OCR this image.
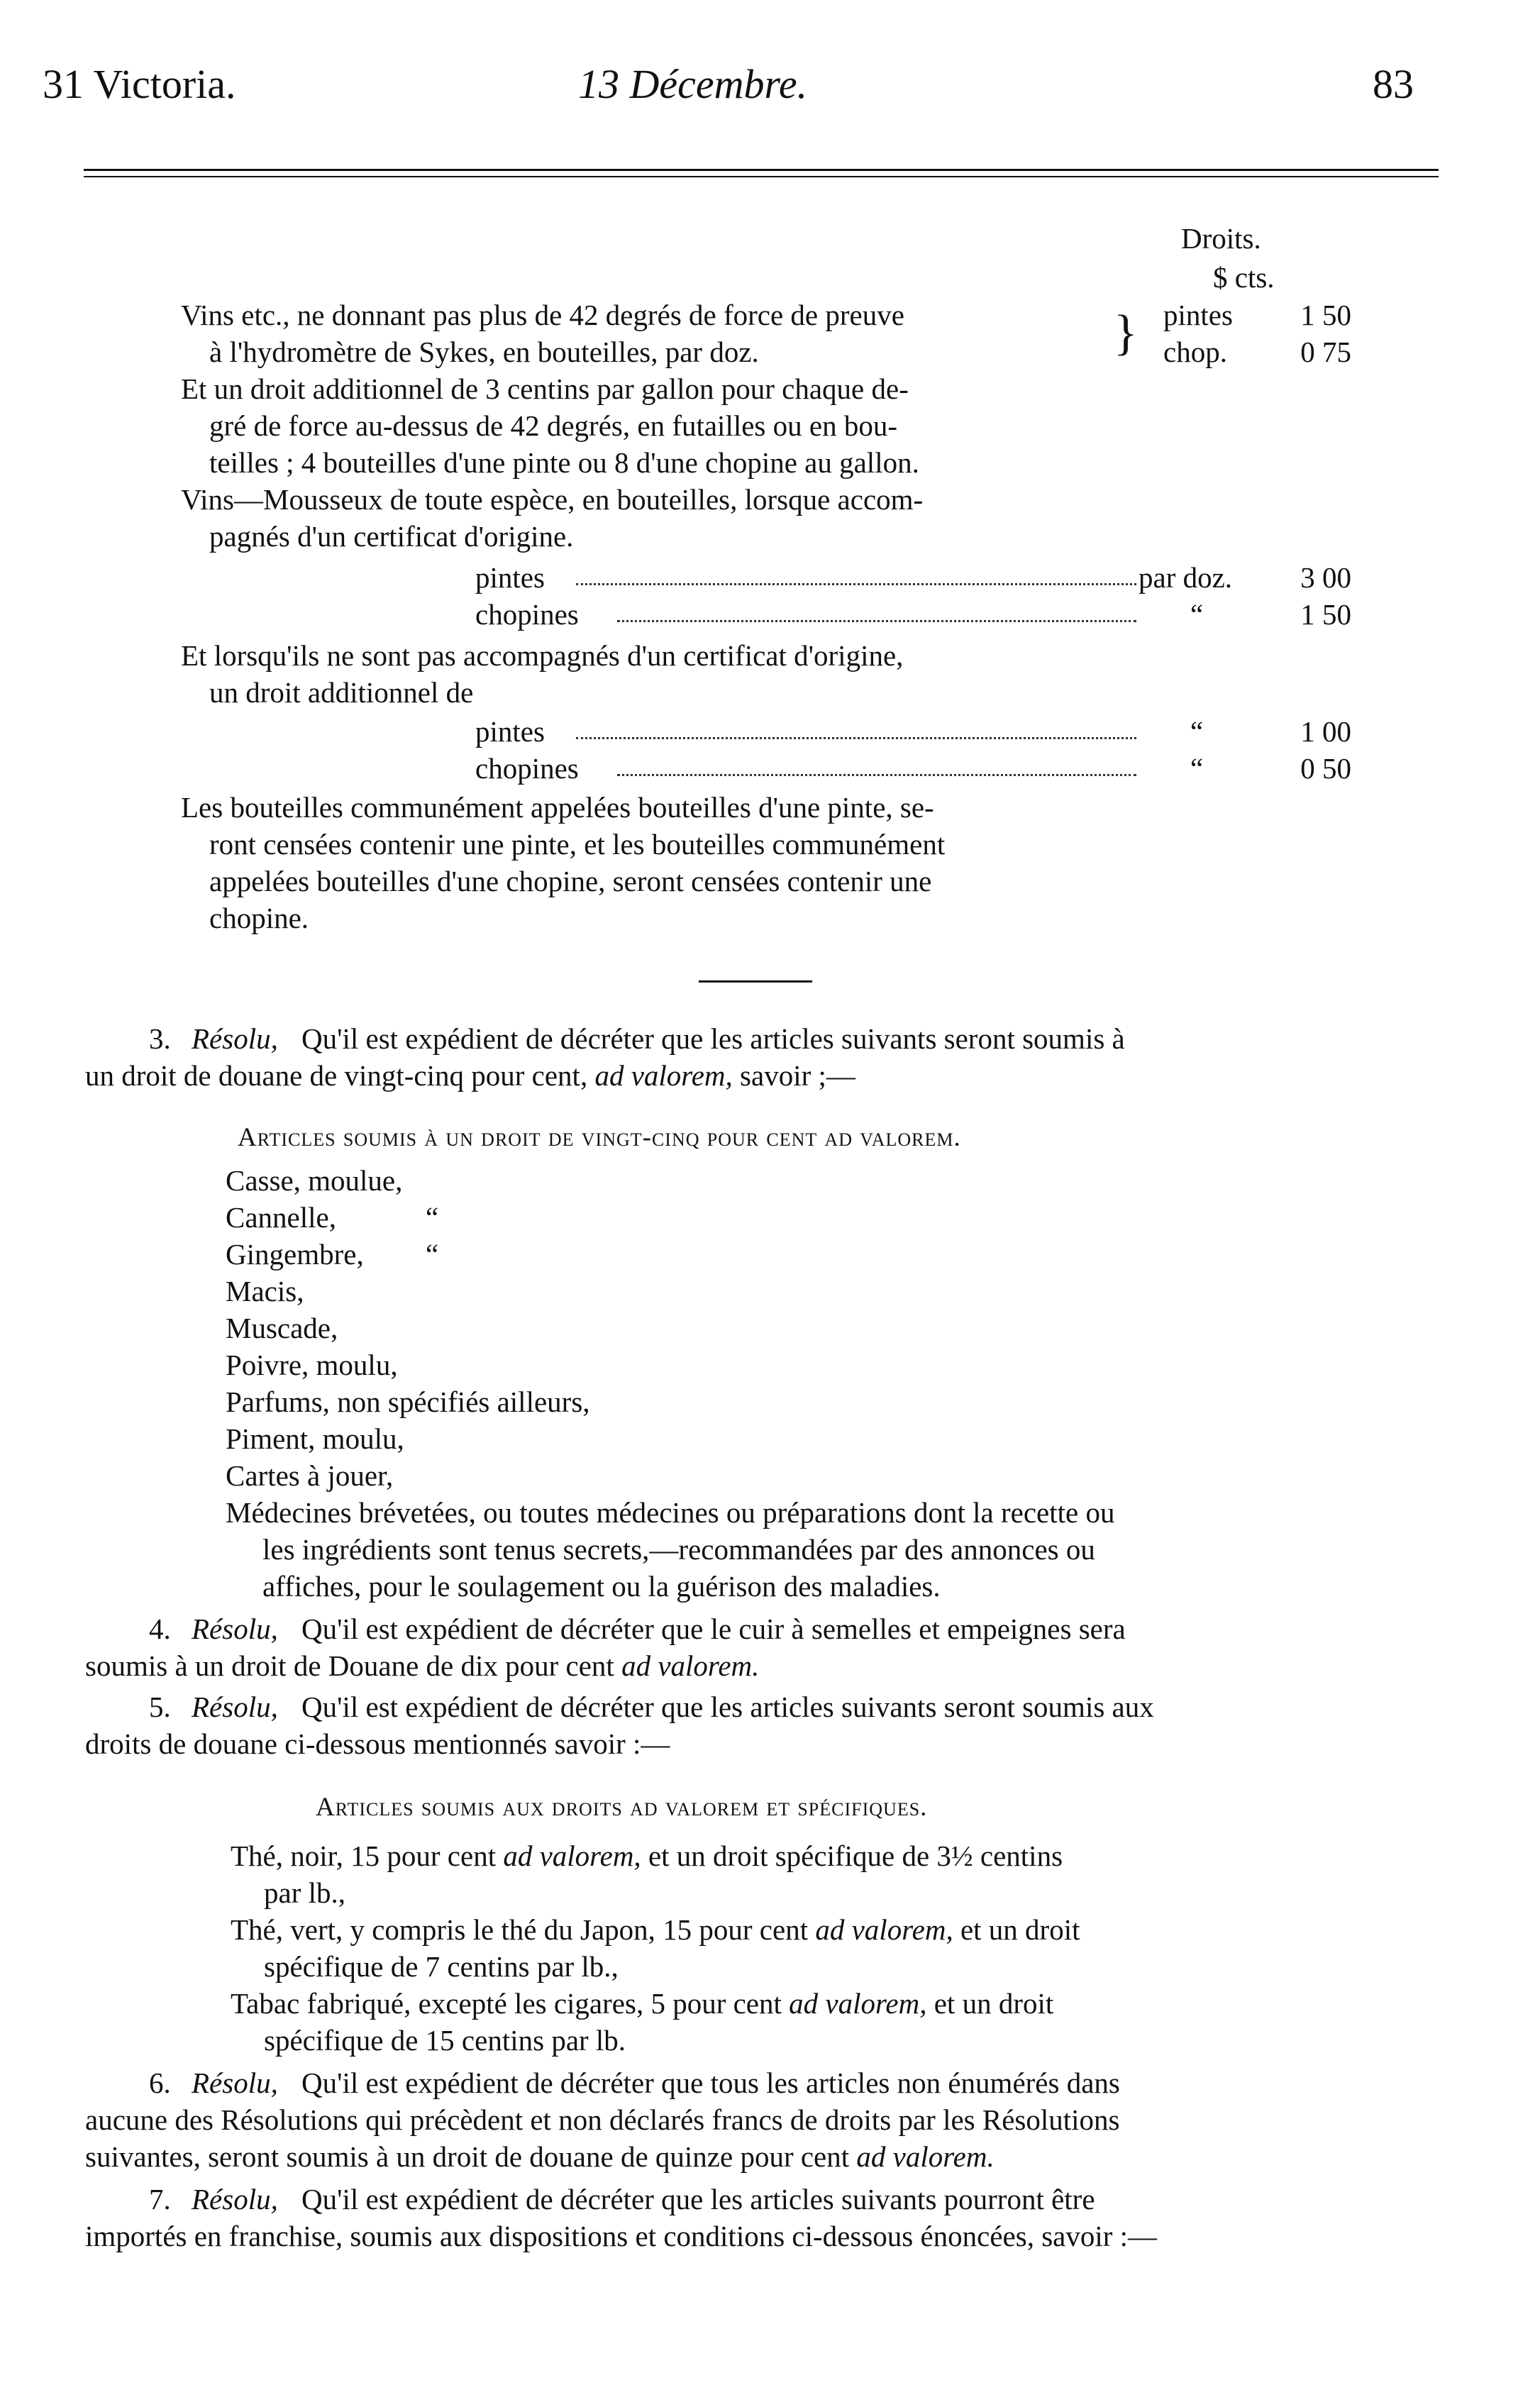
31 Victoria.	13 Décembre.	83
Droits.
$ cts.
Vins etc., ne donnant pas plus de 42 degrés de force de preuve
à l'hydromètre de Sykes, en bouteilles, par doz.	} pintes	1 50
chop.	0 75
Et un droit additionnel de 3 centins par gallon pour chaque de-
gré de force au-dessus de 42 degrés, en futailles ou en bou-
teilles ; 4 bouteilles d'une pinte ou 8 d'une chopine au gallon.
Vins—Mousseux de toute espèce, en bouteilles, lorsque accom-
pagnés d'un certificat d'origine.
pintes	par doz.	3 00
chopines	“	1 50
Et lorsqu'ils ne sont pas accompagnés d'un certificat d'origine,
un droit additionnel de
pintes	“	1 00
chopines	“	0 50
Les bouteilles communément appelées bouteilles d'une pinte, se-
ront censées contenir une pinte, et les bouteilles communément
appelées bouteilles d'une chopine, seront censées contenir une
chopine.
3. Résolu, Qu'il est expédient de décréter que les articles suivants seront soumis à
un droit de douane de vingt-cinq pour cent, ad valorem, savoir ;—
Articles soumis à un droit de vingt-cinq pour cent ad valorem.
Casse, moulue,
Cannelle,	“
Gingembre, “
Macis,
Muscade,
Poivre, moulu,
Parfums, non spécifiés ailleurs,
Piment, moulu,
Cartes à jouer,
Médecines brévetées, ou toutes médecines ou préparations dont la recette ou
les ingrédients sont tenus secrets,—recommandées par des annonces ou
affiches, pour le soulagement ou la guérison des maladies.
4. Résolu, Qu'il est expédient de décréter que le cuir à semelles et empeignes sera
soumis à un droit de Douane de dix pour cent ad valorem.
5. Résolu, Qu'il est expédient de décréter que les articles suivants seront soumis aux
droits de douane ci-dessous mentionnés savoir :—
Articles soumis aux droits ad valorem et spécifiques.
Thé, noir, 15 pour cent ad valorem, et un droit spécifique de 3½ centins
par lb.,
Thé, vert, y compris le thé du Japon, 15 pour cent ad valorem, et un droit
spécifique de 7 centins par lb.,
Tabac fabriqué, excepté les cigares, 5 pour cent ad valorem, et un droit
spécifique de 15 centins par lb.
6. Résolu, Qu'il est expédient de décréter que tous les articles non énumérés dans
aucune des Résolutions qui précèdent et non déclarés francs de droits par les Résolutions
suivantes, seront soumis à un droit de douane de quinze pour cent ad valorem.
7. Résolu, Qu'il est expédient de décréter que les articles suivants pourront être
importés en franchise, soumis aux dispositions et conditions ci-dessous énoncées, savoir :—
